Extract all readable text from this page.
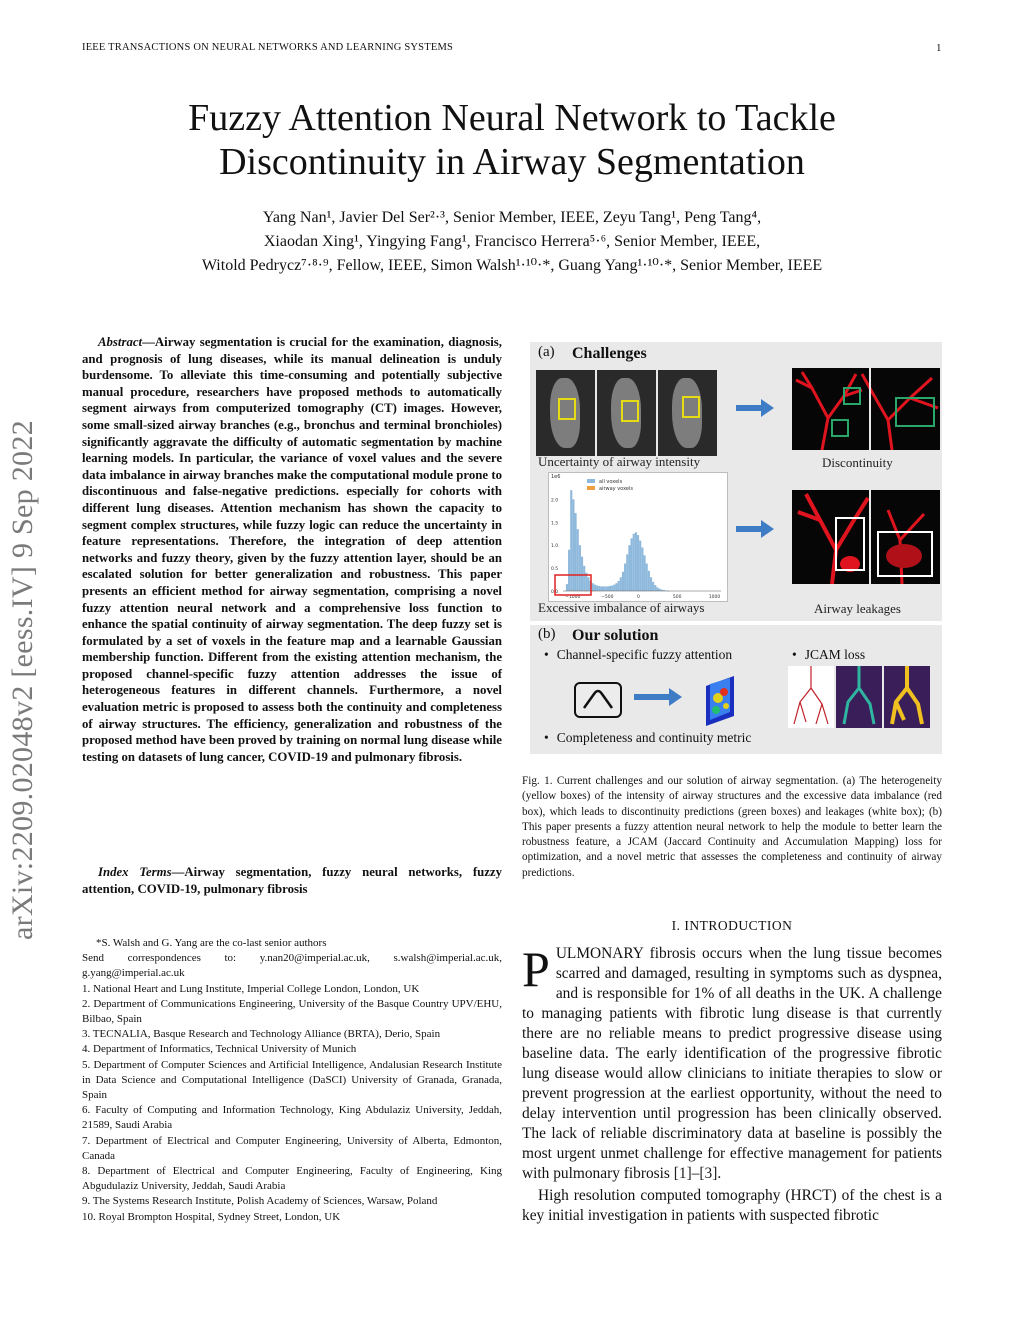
IEEE TRANSACTIONS ON NEURAL NETWORKS AND LEARNING SYSTEMS	1
Fuzzy Attention Neural Network to Tackle
Discontinuity in Airway Segmentation
Yang Nan¹, Javier Del Ser²·³, Senior Member, IEEE, Zeyu Tang¹, Peng Tang⁴,
Xiaodan Xing¹, Yingying Fang¹, Francisco Herrera⁵·⁶, Senior Member, IEEE,
Witold Pedrycz⁷·⁸·⁹, Fellow, IEEE, Simon Walsh¹·¹⁰·*, Guang Yang¹·¹⁰·*, Senior Member, IEEE
arXiv:2209.02048v2 [eess.IV] 9 Sep 2022
Abstract—Airway segmentation is crucial for the examination, diagnosis, and prognosis of lung diseases, while its manual delineation is unduly burdensome. To alleviate this time-consuming and potentially subjective manual procedure, researchers have proposed methods to automatically segment airways from computerized tomography (CT) images. However, some small-sized airway branches (e.g., bronchus and terminal bronchioles) significantly aggravate the difficulty of automatic segmentation by machine learning models. In particular, the variance of voxel values and the severe data imbalance in airway branches make the computational module prone to discontinuous and false-negative predictions. especially for cohorts with different lung diseases. Attention mechanism has shown the capacity to segment complex structures, while fuzzy logic can reduce the uncertainty in feature representations. Therefore, the integration of deep attention networks and fuzzy theory, given by the fuzzy attention layer, should be an escalated solution for better generalization and robustness. This paper presents an efficient method for airway segmentation, comprising a novel fuzzy attention neural network and a comprehensive loss function to enhance the spatial continuity of airway segmentation. The deep fuzzy set is formulated by a set of voxels in the feature map and a learnable Gaussian membership function. Different from the existing attention mechanism, the proposed channel-specific fuzzy attention addresses the issue of heterogeneous features in different channels. Furthermore, a novel evaluation metric is proposed to assess both the continuity and completeness of airway structures. The efficiency, generalization and robustness of the proposed method have been proved by training on normal lung disease while testing on datasets of lung cancer, COVID-19 and pulmonary fibrosis.
Index Terms—Airway segmentation, fuzzy neural networks, fuzzy attention, COVID-19, pulmonary fibrosis

*S. Walsh and G. Yang are the co-last senior authors

Send correspondences to: y.nan20@imperial.ac.uk, s.walsh@imperial.ac.uk, g.yang@imperial.ac.uk

1. National Heart and Lung Institute, Imperial College London, London, UK

2. Department of Communications Engineering, University of the Basque Country UPV/EHU, Bilbao, Spain

3. TECNALIA, Basque Research and Technology Alliance (BRTA), Derio, Spain

4. Department of Informatics, Technical University of Munich

5. Department of Computer Sciences and Artificial Intelligence, Andalusian Research Institute in Data Science and Computational Intelligence (DaSCI) University of Granada, Granada, Spain

6. Faculty of Computing and Information Technology, King Abdulaziz University, Jeddah, 21589, Saudi Arabia

7. Department of Electrical and Computer Engineering, University of Alberta, Edmonton, Canada

8. Department of Electrical and Computer Engineering, Faculty of Engineering, King Abgudulaziz University, Jeddah, Saudi Arabia

9. The Systems Research Institute, Polish Academy of Sciences, Warsaw, Poland

10. Royal Brompton Hospital, Sydney Street, London, UK

(a) Challenges
Uncertainty of airway intensity	Discontinuity
2.0
1.5
1.0
0.5
0.0
−1000	−500	0	500	1000
all voxels
airway voxels
1e6
Excessive imbalance of airways	Airway leakages
(b) Our solution
• Channel-specific fuzzy attention	• JCAM loss
• Completeness and continuity metric
Fig. 1. Current challenges and our solution of airway segmentation. (a) The heterogeneity (yellow boxes) of the intensity of airway structures and the excessive data imbalance (red box), which leads to discontinuity predictions (green boxes) and leakages (white box); (b) This paper presents a fuzzy attention neural network to help the module to better learn the robustness feature, a JCAM (Jaccard Continuity and Accumulation Mapping) loss for optimization, and a novel metric that assesses the completeness and continuity of airway predictions.
I. INTRODUCTION

PULMONARY fibrosis occurs when the lung tissue becomes scarred and damaged, resulting in symptoms such as dyspnea, and is responsible for 1% of all deaths in the UK. A challenge to managing patients with fibrotic lung disease is that currently there are no reliable means to predict progressive disease using baseline data. The early identification of the progressive fibrotic lung disease would allow clinicians to initiate therapies to slow or prevent progression at the earliest opportunity, without the need to delay intervention until progression has been clinically observed. The lack of reliable discriminatory data at baseline is possibly the most urgent unmet challenge for effective management for patients with pulmonary fibrosis [1]–[3].

High resolution computed tomography (HRCT) of the chest is a key initial investigation in patients with suspected fibrotic
